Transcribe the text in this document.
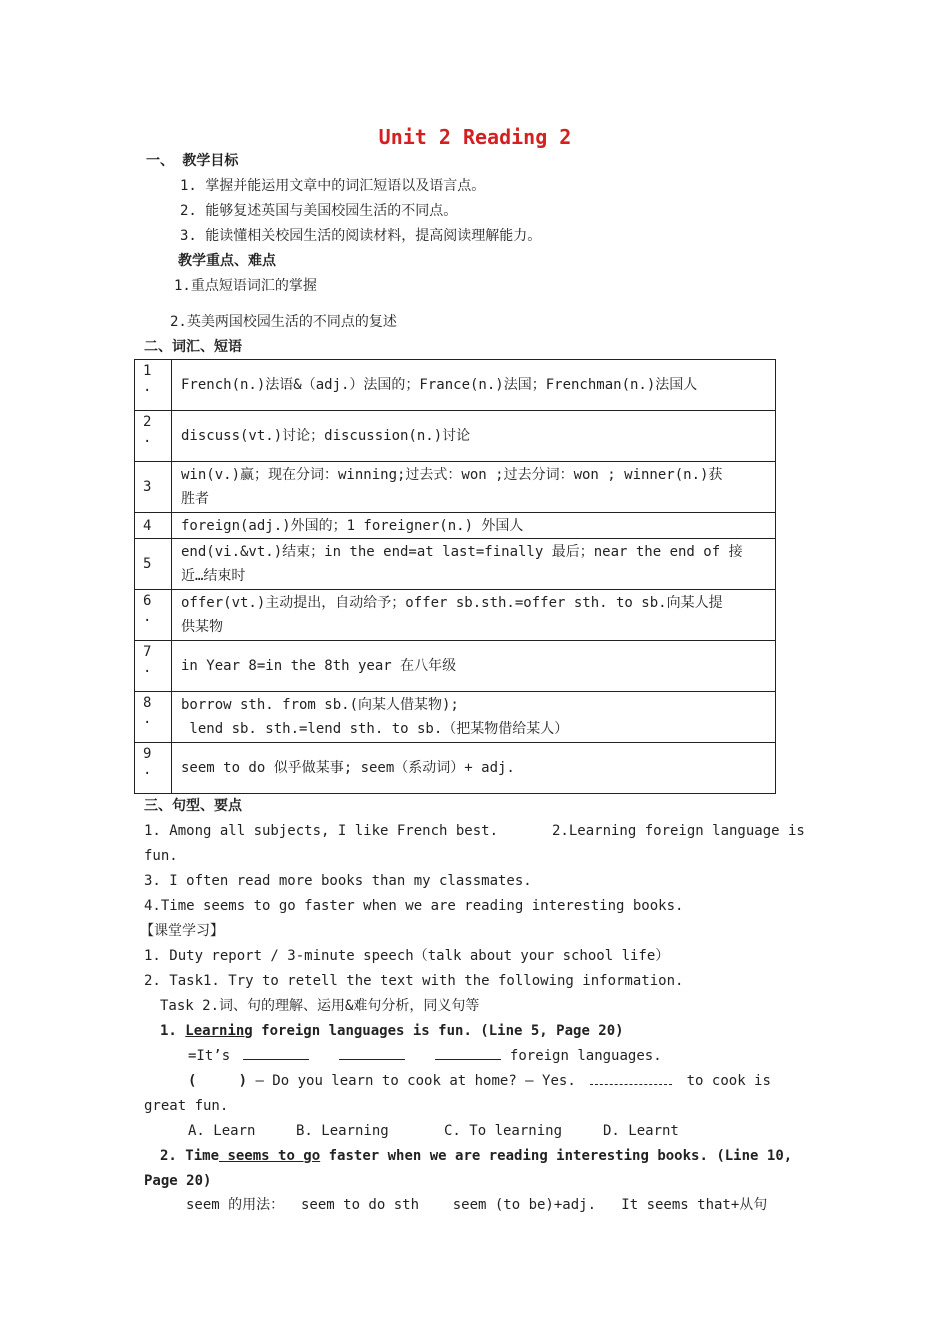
Unit 2 Reading 2
一、 教学目标
1. 掌握并能运用文章中的词汇短语以及语言点。
2. 能够复述英国与美国校园生活的不同点。
3. 能读懂相关校园生活的阅读材料，提高阅读理解能力。
教学重点、难点
1.重点短语词汇的掌握
2.英美两国校园生活的不同点的复述
二、词汇、短语
1
.	French(n.)法语&（adj.）法国的；France(n.)法国；Frenchman(n.)法国人

2
.	discuss(vt.)讨论；discussion(n.)讨论
3	win(v.)赢；现在分词：winning;过去式：won ;过去分词：won ; winner(n.)获
胜者
4	foreign(adj.)外国的；1 foreigner(n.) 外国人
5	end(vi.&vt.)结束；in the end=at last=finally 最后；near the end of 接
近…结束时

6
.	offer(vt.)主动提出，自动给予；offer sb.sth.=offer sth. to sb.向某人提
供某物

7
.	in Year 8=in the 8th year 在八年级

8
.	borrow sth. from sb.(向某人借某物);
lend sb. sth.=lend sth. to sb.（把某物借给某人）

9
.	seem to do 似乎做某事; seem（系动词）+ adj.
三、句型、要点
1. Among all subjects, I like French best.	2.Learning foreign language is
fun.
3. I often read more books than my classmates.
4.Time seems to go faster when we are reading interesting books.
【课堂学习】
1. Duty report / 3-minute speech（talk about your school life）
2. Task1. Try to retell the text with the following information.
Task 2.词、句的理解、运用&难句分析，同义句等
1. Learning foreign languages is fun. (Line 5, Page 20)
=It’s	foreign languages.
(     ) — Do you learn to cook at home? — Yes.	to cook is
great fun.
A. Learn	B. Learning	C. To learning	D. Learnt
2. Time seems to go faster when we are reading interesting books. (Line 10,
Page 20)
seem 的用法：  seem to do sth    seem (to be)+adj.   It seems that+从句
